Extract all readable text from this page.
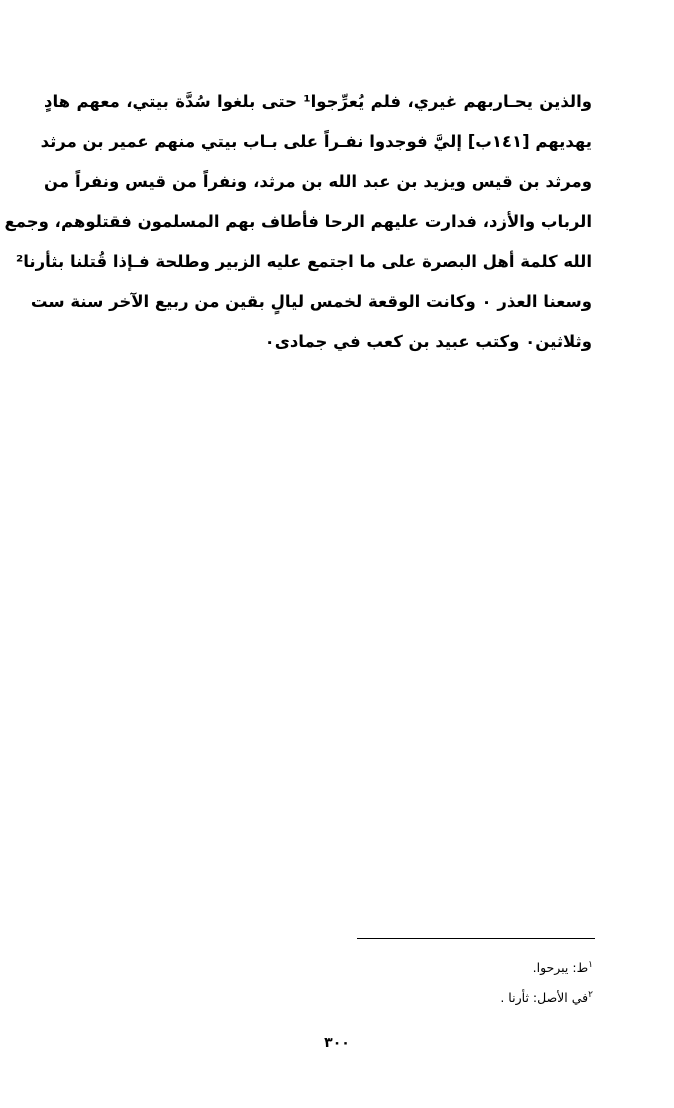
والذين يحـاربهم غيري، فلم يُعرِّجوا¹ حتى بلغوا سُدَّة بيتي، معهم هادٍ
يهديهم [١٤١ب] إليَّ فوجدوا نفـراً على بـاب بيتي منهم عمير بن مرثد
ومرثد بن قيس ويزيد بن عبد الله بن مرثد، ونفراً من قيس ونفراً من
الرباب والأزد، فدارت عليهم الرحا فأطاف بهم المسلمون فقتلوهم، وجمع
الله كلمة أهل البصرة على ما اجتمع عليه الزبير وطلحة فـإذا قُتلنا بثأرنا²
وسعنا العذر ٠ وكانت الوقعة لخمس ليالٍ بقين من ربيع الآخر سنة ست
وثلاثين٠ وكتب عبيد بن كعب في جمادى٠
$^١$ط: يبرحوا.
$^٢$في الأصل: ثأرنا .
٣٠٠
